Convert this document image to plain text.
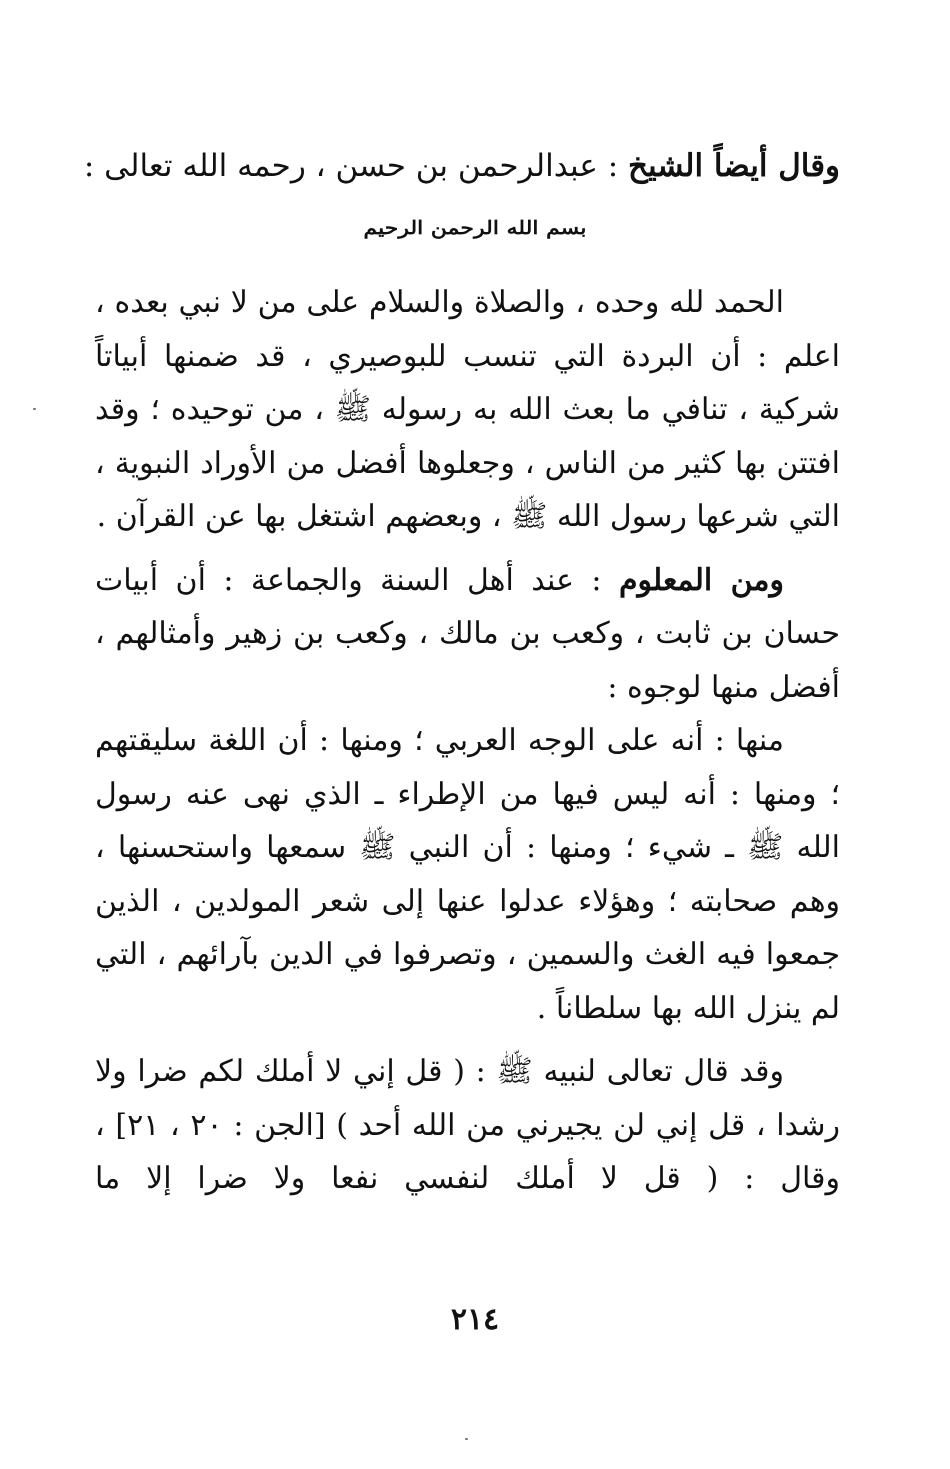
وقال أيضاً الشيخ : عبدالرحمن بن حسن ، رحمه الله تعالى :
بسم الله الرحمن الرحيم

الحمد لله وحده ، والصلاة والسلام على من لا نبي بعده ، اعلم : أن البردة التي تنسب للبوصيري ، قد ضمنها أبياتاً شركية ، تنافي ما بعث الله به رسوله ﷺ ، من توحيده ؛ وقد افتتن بها كثير من الناس ، وجعلوها أفضل من الأوراد النبوية ، التي شرعها رسول الله ﷺ ، وبعضهم اشتغل بها عن القرآن .

ومن المعلوم : عند أهل السنة والجماعة : أن أبيات حسان بن ثابت ، وكعب بن مالك ، وكعب بن زهير وأمثالهم ، أفضل منها لوجوه :

منها : أنه على الوجه العربي ؛ ومنها : أن اللغة سليقتهم ؛ ومنها : أنه ليس فيها من الإطراء ـ الذي نهى عنه رسول الله ﷺ ـ شيء ؛ ومنها : أن النبي ﷺ سمعها واستحسنها ، وهم صحابته ؛ وهؤلاء عدلوا عنها إلى شعر المولدين ، الذين جمعوا فيه الغث والسمين ، وتصرفوا في الدين بآرائهم ، التي لم ينزل الله بها سلطاناً .

وقد قال تعالى لنبيه ﷺ : ( قل إني لا أملك لكم ضرا ولا رشدا ، قل إني لن يجيرني من الله أحد ) [الجن : ٢٠ ، ٢١] ، وقال : ( قل لا أملك لنفسي نفعا ولا ضرا إلا ما

٢١٤
